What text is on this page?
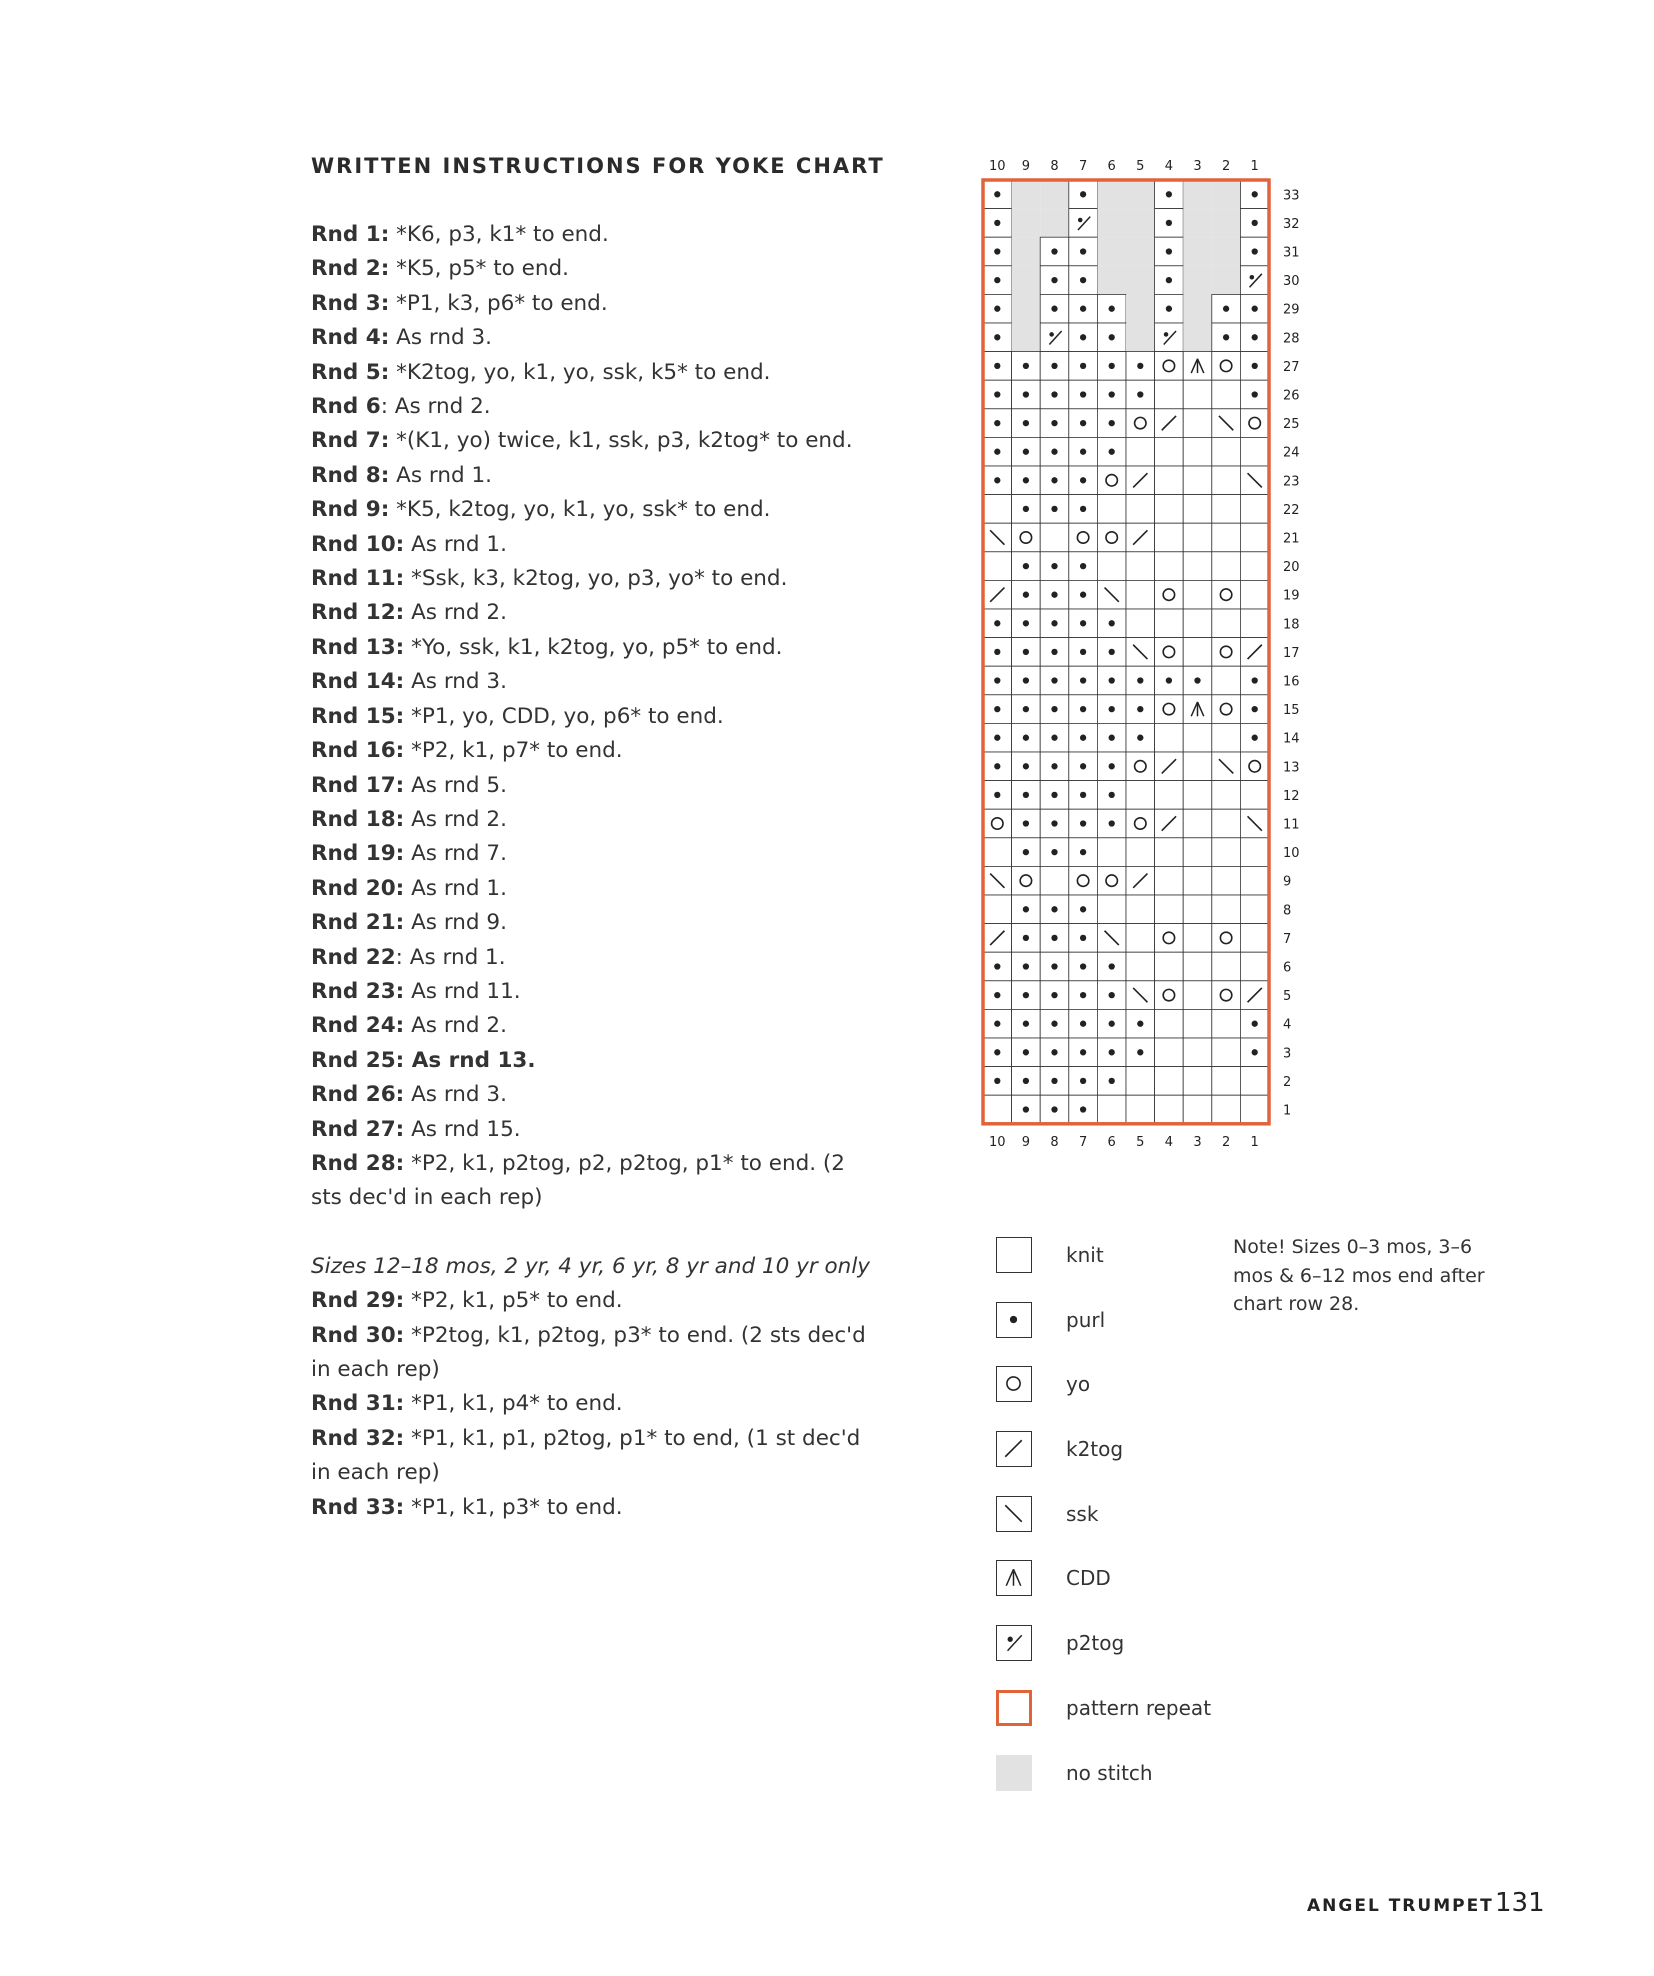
WRITTEN INSTRUCTIONS FOR YOKE CHART
Rnd 1: *K6, p3, k1* to end.
Rnd 2: *K5, p5* to end.
Rnd 3: *P1, k3, p6* to end.
Rnd 4: As rnd 3.
Rnd 5: *K2tog, yo, k1, yo, ssk, k5* to end.
Rnd 6: As rnd 2.
Rnd 7: *(K1, yo) twice, k1, ssk, p3, k2tog* to end.
Rnd 8: As rnd 1.
Rnd 9: *K5, k2tog, yo, k1, yo, ssk* to end.
Rnd 10: As rnd 1.
Rnd 11: *Ssk, k3, k2tog, yo, p3, yo* to end.
Rnd 12: As rnd 2.
Rnd 13: *Yo, ssk, k1, k2tog, yo, p5* to end.
Rnd 14: As rnd 3.
Rnd 15: *P1, yo, CDD, yo, p6* to end.
Rnd 16: *P2, k1, p7* to end.
Rnd 17: As rnd 5.
Rnd 18: As rnd 2.
Rnd 19: As rnd 7.
Rnd 20: As rnd 1.
Rnd 21: As rnd 9.
Rnd 22: As rnd 1.
Rnd 23: As rnd 11.
Rnd 24: As rnd 2.
Rnd 25: As rnd 13.
Rnd 26: As rnd 3.
Rnd 27: As rnd 15.
Rnd 28: *P2, k1, p2tog, p2, p2tog, p1* to end. (2 sts dec'd in each rep)
Sizes 12–18 mos, 2 yr, 4 yr, 6 yr, 8 yr and 10 yr only
Rnd 29: *P2, k1, p5* to end.
Rnd 30: *P2tog, k1, p2tog, p3* to end. (2 sts dec'd in each rep)
Rnd 31: *P1, k1, p4* to end.
Rnd 32: *P1, k1, p1, p2tog, p1* to end, (1 st dec'd in each rep)
Rnd 33: *P1, k1, p3* to end.
10 9 8 7 6 5 4 3 2 1
10 9 8 7 6 5 4 3 2 1
33
32
31
30
29
28
27
26
25
24
23
22
21
20
19
18
17
16
15
14
13
12
11
10
9
8
7
6
5
4
3
2
1
knit
purl
yo
k2tog
ssk
CDD
p2tog
pattern repeat
no stitch
Note! Sizes 0–3 mos, 3–6 mos & 6–12 mos end after chart row 28.
ANGEL TRUMPET 131
